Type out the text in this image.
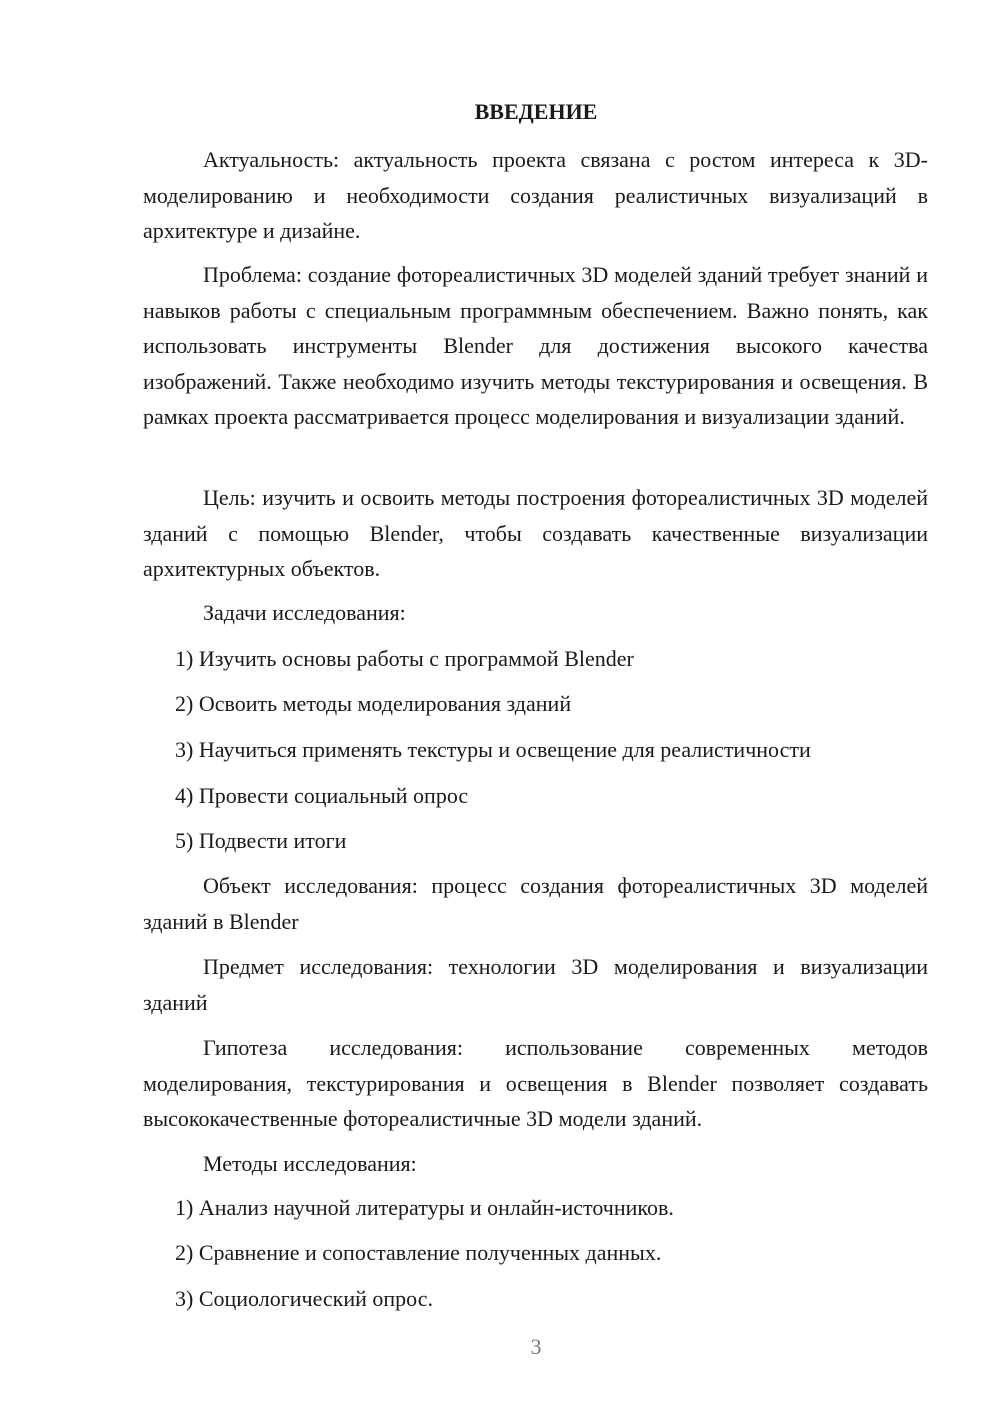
ВВЕДЕНИЕ

Актуальность: актуальность проекта связана с ростом интереса к 3D-моделированию и необходимости создания реалистичных визуализаций в архитектуре и дизайне.

Проблема: создание фотореалистичных 3D моделей зданий требует знаний и навыков работы с специальным программным обеспечением. Важно понять, как использовать инструменты Blender для достижения высокого качества изображений. Также необходимо изучить методы текстурирования и освещения. В рамках проекта рассматривается процесс моделирования и визуализации зданий.

Цель: изучить и освоить методы построения фотореалистичных 3D моделей зданий с помощью Blender, чтобы создавать качественные визуализации архитектурных объектов.

Задачи исследования:

1) Изучить основы работы с программой Blender

2) Освоить методы моделирования зданий

3) Научиться применять текстуры и освещение для реалистичности

4) Провести социальный опрос

5) Подвести итоги

Объект исследования: процесс создания фотореалистичных 3D моделей зданий в Blender

Предмет исследования: технологии 3D моделирования и визуализации зданий

Гипотеза исследования: использование современных методов моделирования, текстурирования и освещения в Blender позволяет создавать высококачественные фотореалистичные 3D модели зданий.

Методы исследования:

1) Анализ научной литературы и онлайн-источников.

2) Сравнение и сопоставление полученных данных.

3) Социологический опрос.

3
